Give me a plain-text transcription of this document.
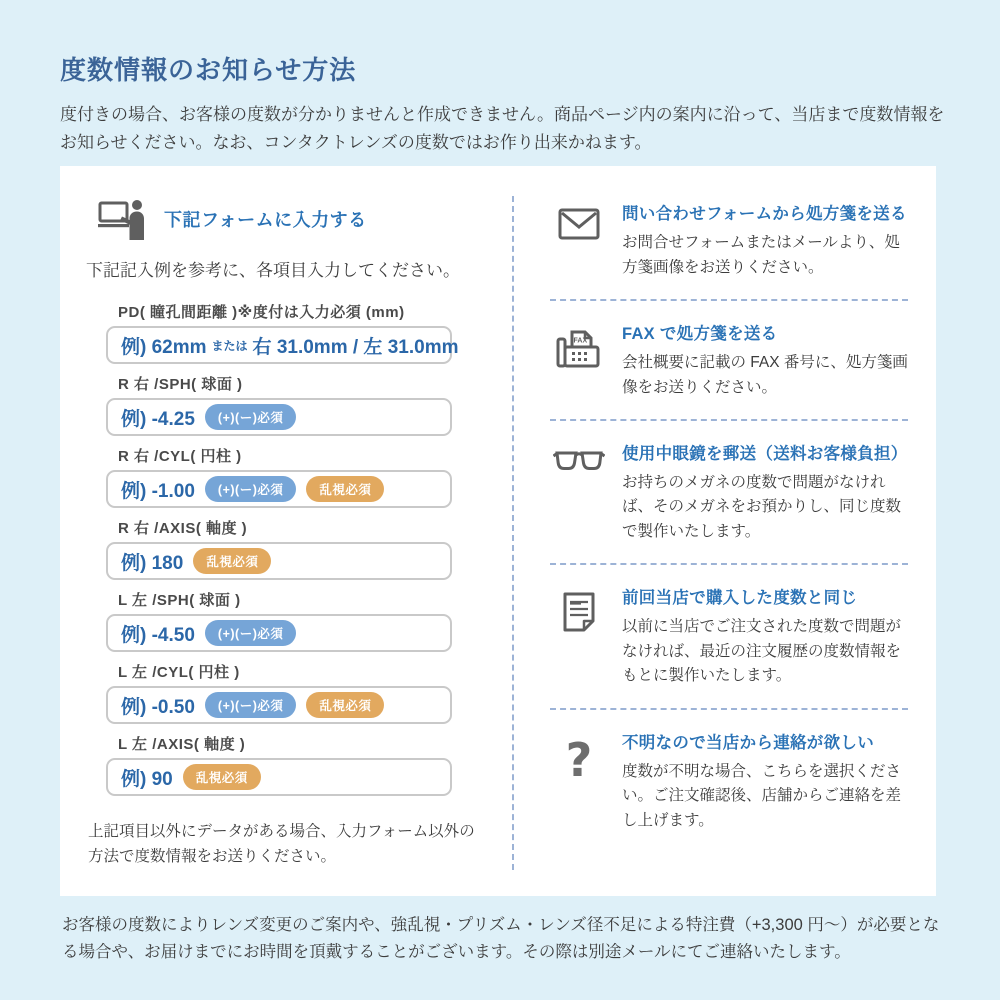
度数情報のお知らせ方法

度付きの場合、お客様の度数が分かりませんと作成できません。商品ページ内の案内に沿って、当店まで度数情報をお知らせください。なお、コンタクトレンズの度数ではお作り出来かねます。

下記フォームに入力する

下記記入例を参考に、各項目入力してください。

PD( 瞳孔間距離 )※度付は入力必須 (mm)
例) 62mm または 右 31.0mm / 左 31.0mm
R 右 /SPH( 球面 )
例) -4.25	(+)(ー)必須
R 右 /CYL( 円柱 )
例) -1.00	(+)(ー)必須	乱視必須
R 右 /AXIS( 軸度 )
例) 180	乱視必須
L 左 /SPH( 球面 )
例) -4.50	(+)(ー)必須
L 左 /CYL( 円柱 )
例) -0.50	(+)(ー)必須	乱視必須
L 左 /AXIS( 軸度 )
例) 90	乱視必須

上記項目以外にデータがある場合、入力フォーム以外の方法で度数情報をお送りください。

問い合わせフォームから処方箋を送る
お問合せフォームまたはメールより、処方箋画像をお送りください。
FAX FAX で処方箋を送る
会社概要に記載の FAX 番号に、処方箋画像をお送りください。
使用中眼鏡を郵送（送料お客様負担）
お持ちのメガネの度数で問題がなければ、そのメガネをお預かりし、同じ度数で製作いたします。
前回当店で購入した度数と同じ
以前に当店でご注文された度数で問題がなければ、最近の注文履歴の度数情報をもとに製作いたします。
? 不明なので当店から連絡が欲しい
度数が不明な場合、こちらを選択ください。ご注文確認後、店舗からご連絡を差し上げます。

お客様の度数によりレンズ変更のご案内や、強乱視・プリズム・レンズ径不足による特注費（+3,300 円〜）が必要となる場合や、お届けまでにお時間を頂戴することがございます。その際は別途メールにてご連絡いたします。
